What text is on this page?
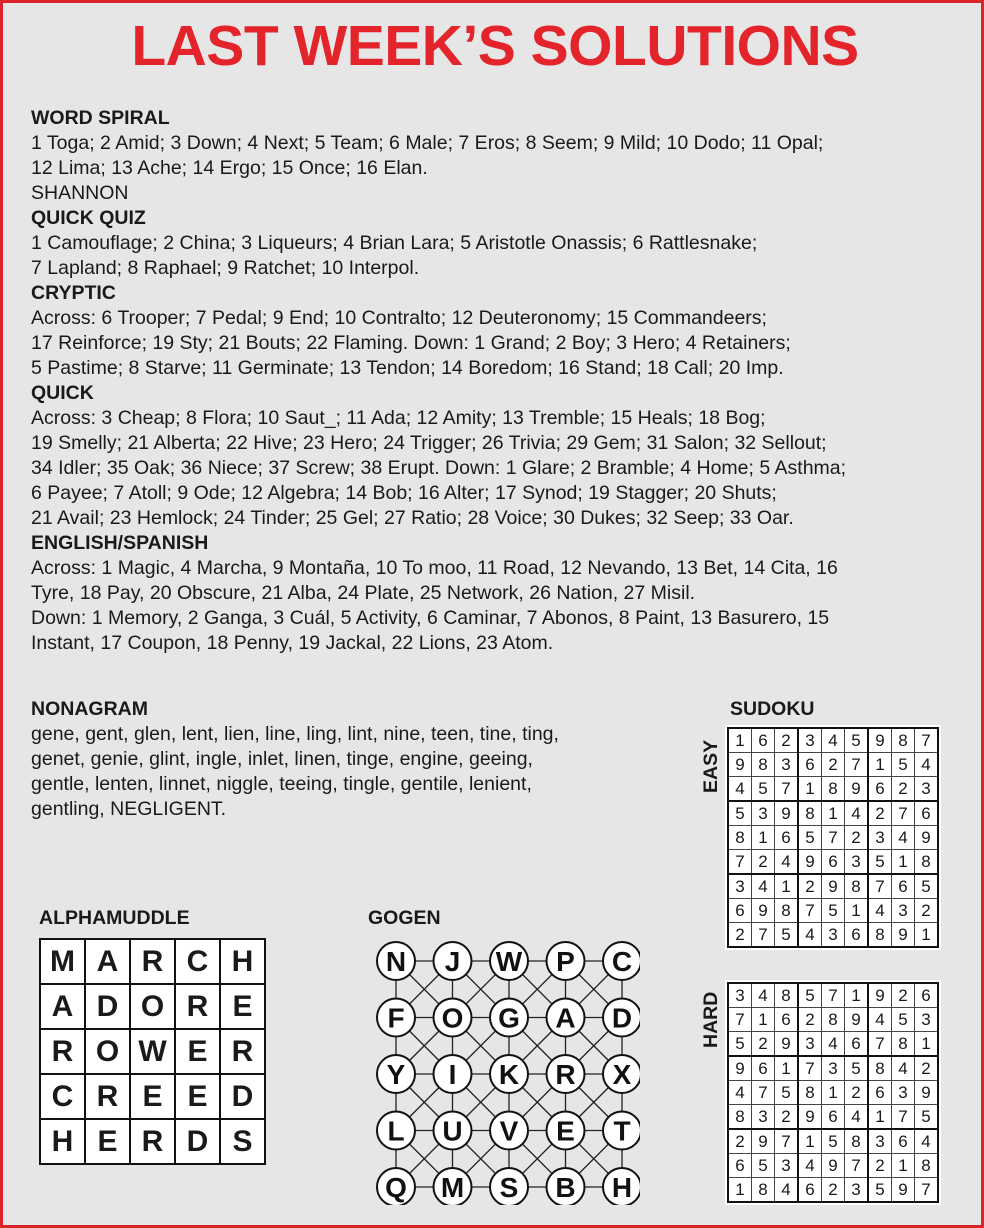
LAST WEEK’S SOLUTIONS
WORD SPIRAL
1 Toga; 2 Amid; 3 Down; 4 Next; 5 Team; 6 Male; 7 Eros; 8 Seem; 9 Mild; 10 Dodo; 11 Opal;
12 Lima; 13 Ache; 14 Ergo; 15 Once; 16 Elan.
SHANNON
QUICK QUIZ
1 Camouflage; 2 China; 3 Liqueurs; 4 Brian Lara; 5 Aristotle Onassis; 6 Rattlesnake;
7 Lapland; 8 Raphael; 9 Ratchet; 10 Interpol.
CRYPTIC
Across: 6 Trooper; 7 Pedal; 9 End; 10 Contralto; 12 Deuteronomy; 15 Commandeers;
17 Reinforce; 19 Sty; 21 Bouts; 22 Flaming. Down: 1 Grand; 2 Boy; 3 Hero; 4 Retainers;
5 Pastime; 8 Starve; 11 Germinate; 13 Tendon; 14 Boredom; 16 Stand; 18 Call; 20 Imp.
QUICK
Across: 3 Cheap; 8 Flora; 10 Saut_; 11 Ada; 12 Amity; 13 Tremble; 15 Heals; 18 Bog;
19 Smelly; 21 Alberta; 22 Hive; 23 Hero; 24 Trigger; 26 Trivia; 29 Gem; 31 Salon; 32 Sellout;
34 Idler; 35 Oak; 36 Niece; 37 Screw; 38 Erupt. Down: 1 Glare; 2 Bramble; 4 Home; 5 Asthma;
6 Payee; 7 Atoll; 9 Ode; 12 Algebra; 14 Bob; 16 Alter; 17 Synod; 19 Stagger; 20 Shuts;
21 Avail; 23 Hemlock; 24 Tinder; 25 Gel; 27 Ratio; 28 Voice; 30 Dukes; 32 Seep; 33 Oar.
ENGLISH/SPANISH
Across: 1 Magic, 4 Marcha, 9 Montaña, 10 To moo, 11 Road, 12 Nevando, 13 Bet, 14 Cita, 16
Tyre, 18 Pay, 20 Obscure, 21 Alba, 24 Plate, 25 Network, 26 Nation, 27 Misil.
Down: 1 Memory, 2 Ganga, 3 Cuál, 5 Activity, 6 Caminar, 7 Abonos, 8 Paint, 13 Basurero, 15
Instant, 17 Coupon, 18 Penny, 19 Jackal, 22 Lions, 23 Atom.
NONAGRAM
gene, gent, glen, lent, lien, line, ling, lint, nine, teen, tine, ting,
genet, genie, glint, ingle, inlet, linen, tinge, engine, geeing,
gentle, lenten, linnet, niggle, teeing, tingle, gentile, lenient,
gentling, NEGLIGENT.
SUDOKU
EASY
HARD
1	6	2	3	4	5	9	8	7
9	8	3	6	2	7	1	5	4
4	5	7	1	8	9	6	2	3
5	3	9	8	1	4	2	7	6
8	1	6	5	7	2	3	4	9
7	2	4	9	6	3	5	1	8
3	4	1	2	9	8	7	6	5
6	9	8	7	5	1	4	3	2
2	7	5	4	3	6	8	9	1
3	4	8	5	7	1	9	2	6
7	1	6	2	8	9	4	5	3
5	2	9	3	4	6	7	8	1
9	6	1	7	3	5	8	4	2
4	7	5	8	1	2	6	3	9
8	3	2	9	6	4	1	7	5
2	9	7	1	5	8	3	6	4
6	5	3	4	9	7	2	1	8
1	8	4	6	2	3	5	9	7
ALPHAMUDDLE
M	A	R	C	H
A	D	O	R	E
R	O	W	E	R
C	R	E	E	D
H	E	R	D	S
GOGEN
N J W P C
F O G A D
Y I K R X
L U V E T
Q M S B H
